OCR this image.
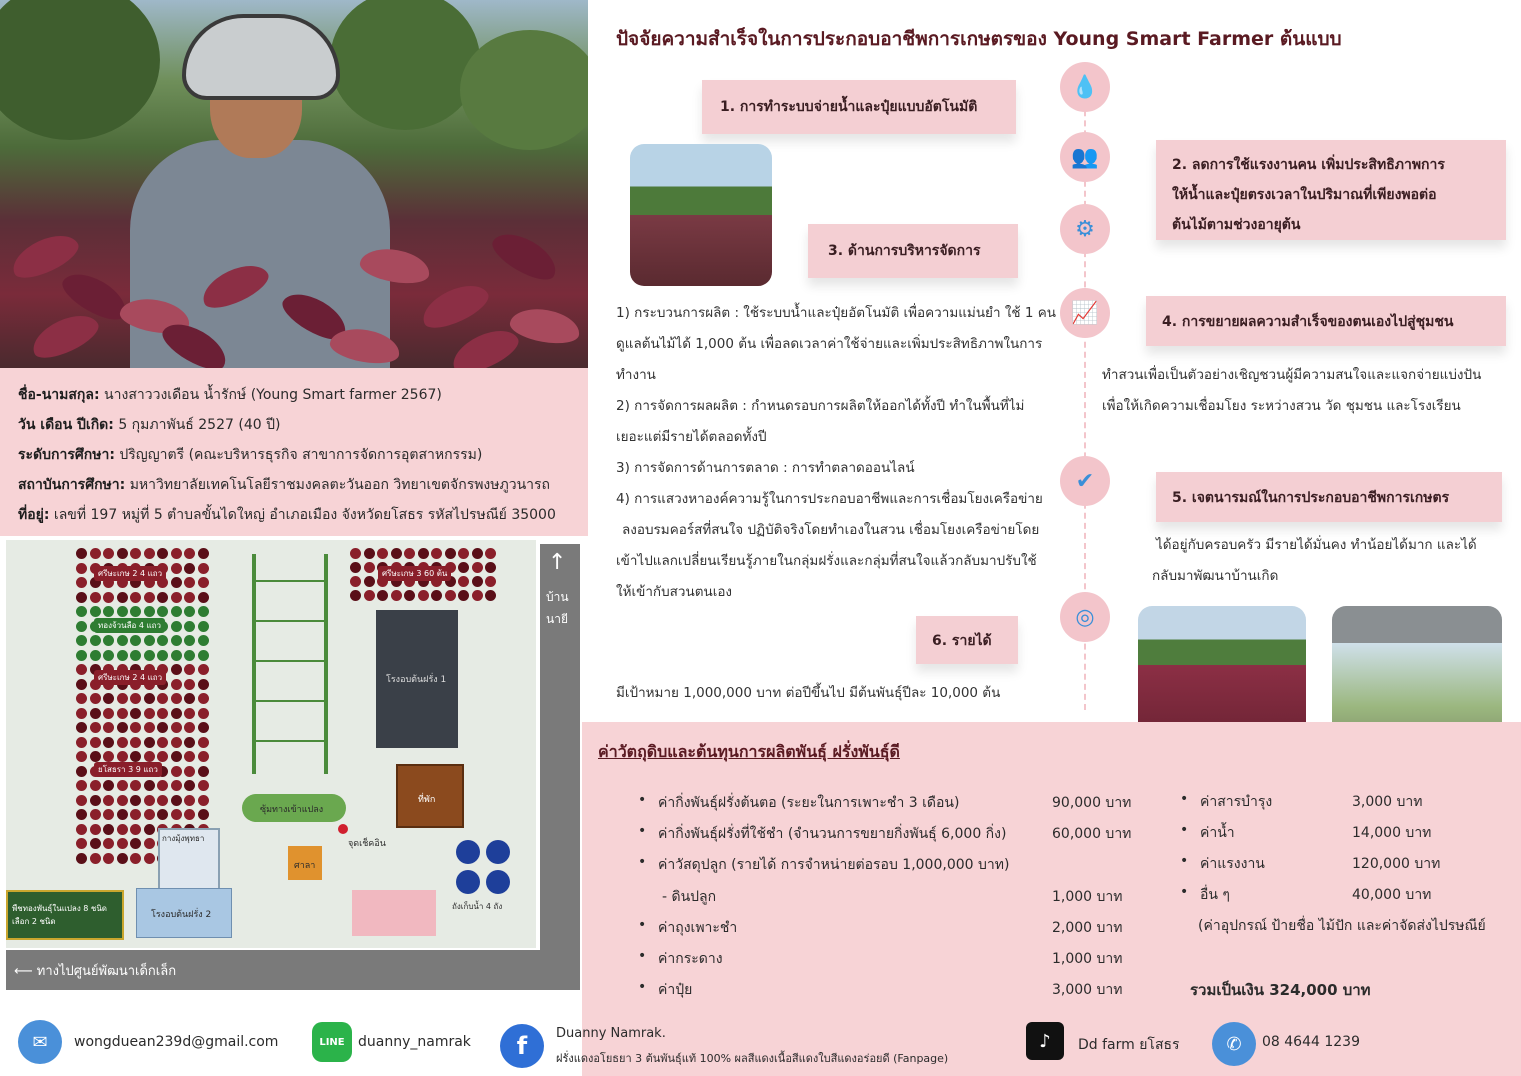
ชื่อ-นามสกุล: นางสาววงเดือน น้ำรักษ์ (Young Smart farmer 2567)
วัน เดือน ปีเกิด: 5 กุมภาพันธ์ 2527 (40 ปี)
ระดับการศึกษา: ปริญญาตรี (คณะบริหารธุรกิจ สาขาการจัดการอุตสาหกรรม)
สถาบันการศึกษา: มหาวิทยาลัยเทคโนโลยีราชมงคลตะวันออก วิทยาเขตจักรพงษภูวนารถ
ที่อยู่: เลขที่ 197 หมู่ที่ 5 ตำบลขั้นไดใหญ่ อำเภอเมือง จังหวัดยโสธร รหัสไปรษณีย์ 35000
ศรีษะเกษ 2 4 แถว
ทองจ้วนลือ 4 แถว
ศรีษะเกษ 2 4 แถว
ยโสธรา 3 9 แถว
ศรีษะเกษ 3 60 ต้น
โรงอบต้นฝรั่ง 1
ที่พัก
ซุ้มทางเข้าแปลง
จุดเช็คอิน
ศาลา
กางมุ้งพุทธา
พืชทองพันธุ์ในแปลง 8 ชนิด เลือก 2 ชนิด
โรงอบต้นฝรั่ง 2
ถังเก็บน้ำ 4 ถัง
↑
บ้าน
นายี
⟵ ทางไปศูนย์พัฒนาเด็กเล็ก
ปัจจัยความสำเร็จในการประกอบอาชีพการเกษตรของ Young Smart Farmer ต้นแบบ
💧
👥
⚙
📈
✔
◎
1. การทำระบบจ่ายน้ำและปุ๋ยแบบอัตโนมัติ
2. ลดการใช้แรงงานคน เพิ่มประสิทธิภาพการ
ให้น้ำและปุ๋ยตรงเวลาในปริมาณที่เพียงพอต่อ
ต้นไม้ตามช่วงอายุต้น
3. ด้านการบริหารจัดการ
4. การขยายผลความสำเร็จของตนเองไปสู่ชุมชน
5. เจตนารมณ์ในการประกอบอาชีพการเกษตร
6. รายได้
1) กระบวนการผลิต : ใช้ระบบน้ำและปุ๋ยอัตโนมัติ เพื่อความแม่นยำ ใช้ 1 คน
ดูแลต้นไม้ได้ 1,000 ต้น เพื่อลดเวลาค่าใช้จ่ายและเพิ่มประสิทธิภาพในการ
ทำงาน
2) การจัดการผลผลิต : กำหนดรอบการผลิตให้ออกได้ทั้งปี ทำในพื้นที่ไม่
เยอะแต่มีรายได้ตลอดทั้งปี
3) การจัดการด้านการตลาด : การทำตลาดออนไลน์
4) การแสวงหาองค์ความรู้ในการประกอบอาชีพและการเชื่อมโยงเครือข่าย
ลงอบรมคอร์สที่สนใจ ปฏิบัติจริงโดยทำเองในสวน เชื่อมโยงเครือข่ายโดย
เข้าไปแลกเปลี่ยนเรียนรู้ภายในกลุ่มฝรั่งและกลุ่มที่สนใจแล้วกลับมาปรับใช้
ให้เข้ากับสวนตนเอง
ทำสวนเพื่อเป็นตัวอย่างเชิญชวนผู้มีความสนใจและแจกจ่ายแบ่งปัน
เพื่อให้เกิดความเชื่อมโยง ระหว่างสวน วัด ชุมชน และโรงเรียน
ได้อยู่กับครอบครัว มีรายได้มั่นคง ทำน้อยได้มาก และได้
กลับมาพัฒนาบ้านเกิด
มีเป้าหมาย 1,000,000 บาท ต่อปีขึ้นไป มีต้นพันธุ์ปีละ 10,000 ต้น
ค่าวัตถุดิบและต้นทุนการผลิตพันธุ์ ฝรั่งพันธุ์ดี
• ค่ากิ่งพันธุ์ฝรั่งต้นตอ (ระยะในการเพาะชำ 3 เดือน)	90,000 บาท
• ค่ากิ่งพันธุ์ฝรั่งที่ใช้ชำ (จำนวนการขยายกิ่งพันธุ์ 6,000 กิ่ง)	60,000 บาท
• ค่าวัสดุปลูก (รายได้ การจำหน่ายต่อรอบ 1,000,000 บาท)
- ดินปลูก	1,000 บาท
• ค่าถุงเพาะชำ	2,000 บาท
• ค่ากระดาง	1,000 บาท
• ค่าปุ๋ย	3,000 บาท
• ค่าสารบำรุง	3,000 บาท
• ค่าน้ำ	14,000 บาท
• ค่าแรงงาน	120,000 บาท
• อื่น ๆ	40,000 บาท
(ค่าอุปกรณ์ ป้ายชื่อ ไม้ปัก และค่าจัดส่งไปรษณีย์
รวมเป็นเงิน 324,000 บาท
✉	wongduean239d@gmail.com	LINE duanny_namrak	f	Duanny Namrak.
ฝรั่งแดงอโยธยา 3 ต้นพันธุ์แท้ 100% ผลสีแดงเนื้อสีแดงใบสีแดงอร่อยดี (Fanpage)
♪	Dd farm ยโสธร	✆	08 4644 1239
